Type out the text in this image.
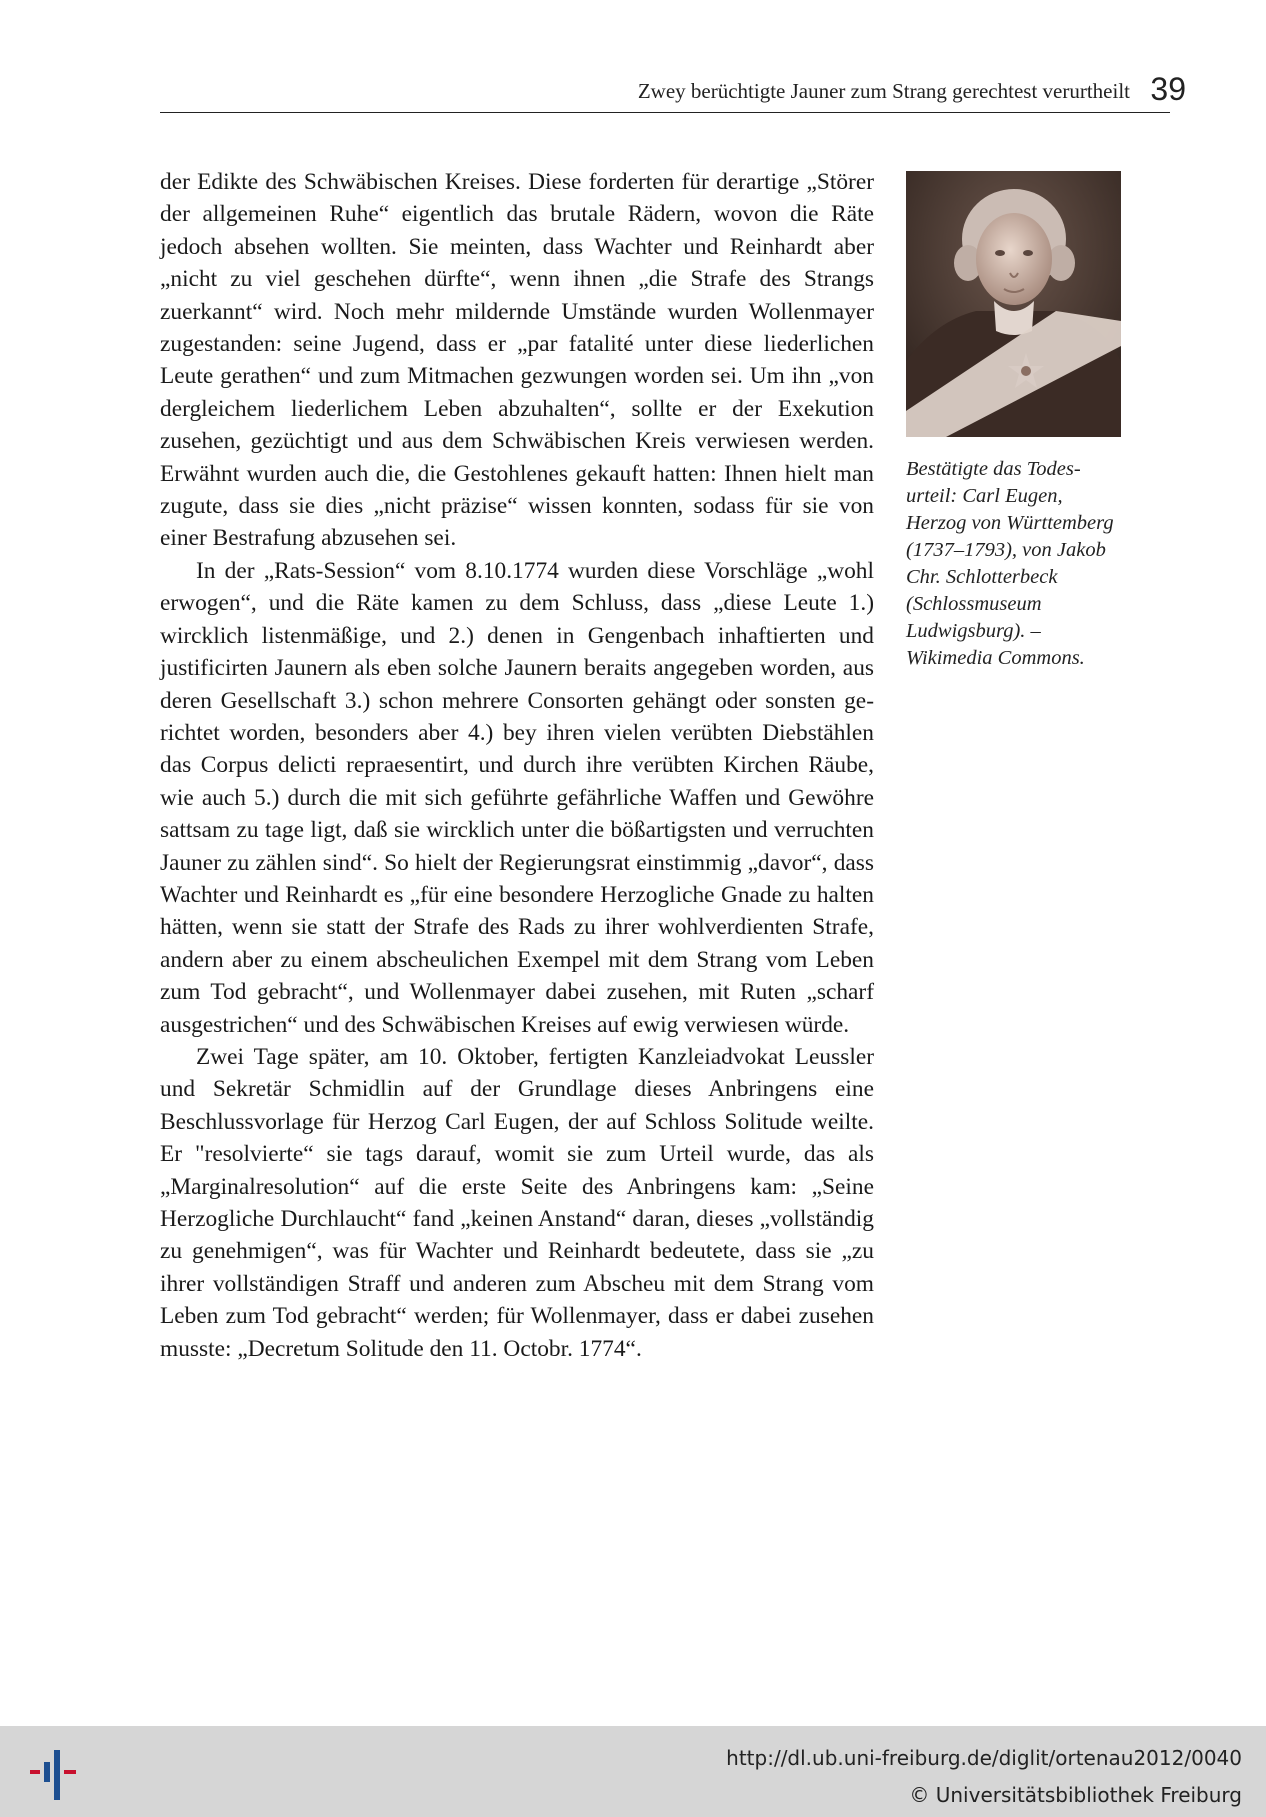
Zwey berüchtigte Jauner zum Strang gerechtest verurtheilt 39

der Edikte des Schwäbischen Kreises. Diese forderten für derartige „Störer der allgemeinen Ruhe“ eigentlich das brutale Rädern, wovon die Räte jedoch absehen wollten. Sie meinten, dass Wachter und Reinhardt aber „nicht zu viel geschehen dürfte“, wenn ihnen „die Strafe des Strangs zuerkannt“ wird. Noch mehr mildernde Umstände wurden Wollenmayer zugestanden: seine Jugend, dass er „par fatalité unter diese liederlichen Leute gerathen“ und zum Mitmachen gezwungen worden sei. Um ihn „von dergleichem liederlichem Leben abzuhalten“, sollte er der Exekution zusehen, gezüchtigt und aus dem Schwäbischen Kreis verwiesen werden. Erwähnt wurden auch die, die Gestohlenes gekauft hatten: Ihnen hielt man zugute, dass sie dies „nicht präzise“ wissen konnten, sodass für sie von einer Bestrafung abzusehen sei.

In der „Rats-Session“ vom 8.10.1774 wurden diese Vorschläge „wohl erwogen“, und die Räte kamen zu dem Schluss, dass „diese Leute 1.) wircklich listenmäßige, und 2.) denen in Gengenbach inhaftierten und justificirten Jaunern als eben solche Jaunern beraits angegeben worden, aus deren Gesellschaft 3.) schon mehrere Consorten gehängt oder sonsten gerichtet worden, besonders aber 4.) bey ihren vielen verübten Diebstählen das Corpus delicti repraesentirt, und durch ihre verübten Kirchen Räube, wie auch 5.) durch die mit sich geführte gefährliche Waffen und Gewöhre sattsam zu tage ligt, daß sie wircklich unter die bößartigsten und verruchten Jauner zu zählen sind“. So hielt der Regierungsrat einstimmig „davor“, dass Wachter und Reinhardt es „für eine besondere Herzogliche Gnade zu halten hätten, wenn sie statt der Strafe des Rads zu ihrer wohlverdienten Strafe, andern aber zu einem abscheulichen Exempel mit dem Strang vom Leben zum Tod gebracht“, und Wollenmayer dabei zusehen, mit Ruten „scharf ausgestrichen“ und des Schwäbischen Kreises auf ewig verwiesen würde.

Zwei Tage später, am 10. Oktober, fertigten Kanzleiadvokat Leussler und Sekretär Schmidlin auf der Grundlage dieses Anbringens eine Beschlussvorlage für Herzog Carl Eugen, der auf Schloss Solitude weilte. Er "resolvierte“ sie tags darauf, womit sie zum Urteil wurde, das als „Marginalresolution“ auf die erste Seite des Anbringens kam: „Seine Herzogliche Durchlaucht“ fand „keinen Anstand“ daran, dieses „vollständig zu genehmigen“, was für Wachter und Reinhardt bedeutete, dass sie „zu ihrer vollständigen Straff und anderen zum Abscheu mit dem Strang vom Leben zum Tod gebracht“ werden; für Wollenmayer, dass er dabei zusehen musste: „Decretum Solitude den 11. Octobr. 1774“.

Bestätigte das Todesurteil: Carl Eugen, Herzog von Württemberg (1737–1793), von Jakob Chr. Schlotterbeck (Schlossmuseum Ludwigsburg). – Wikimedia Commons.
http://dl.ub.uni-freiburg.de/diglit/ortenau2012/0040
© Universitätsbibliothek Freiburg
